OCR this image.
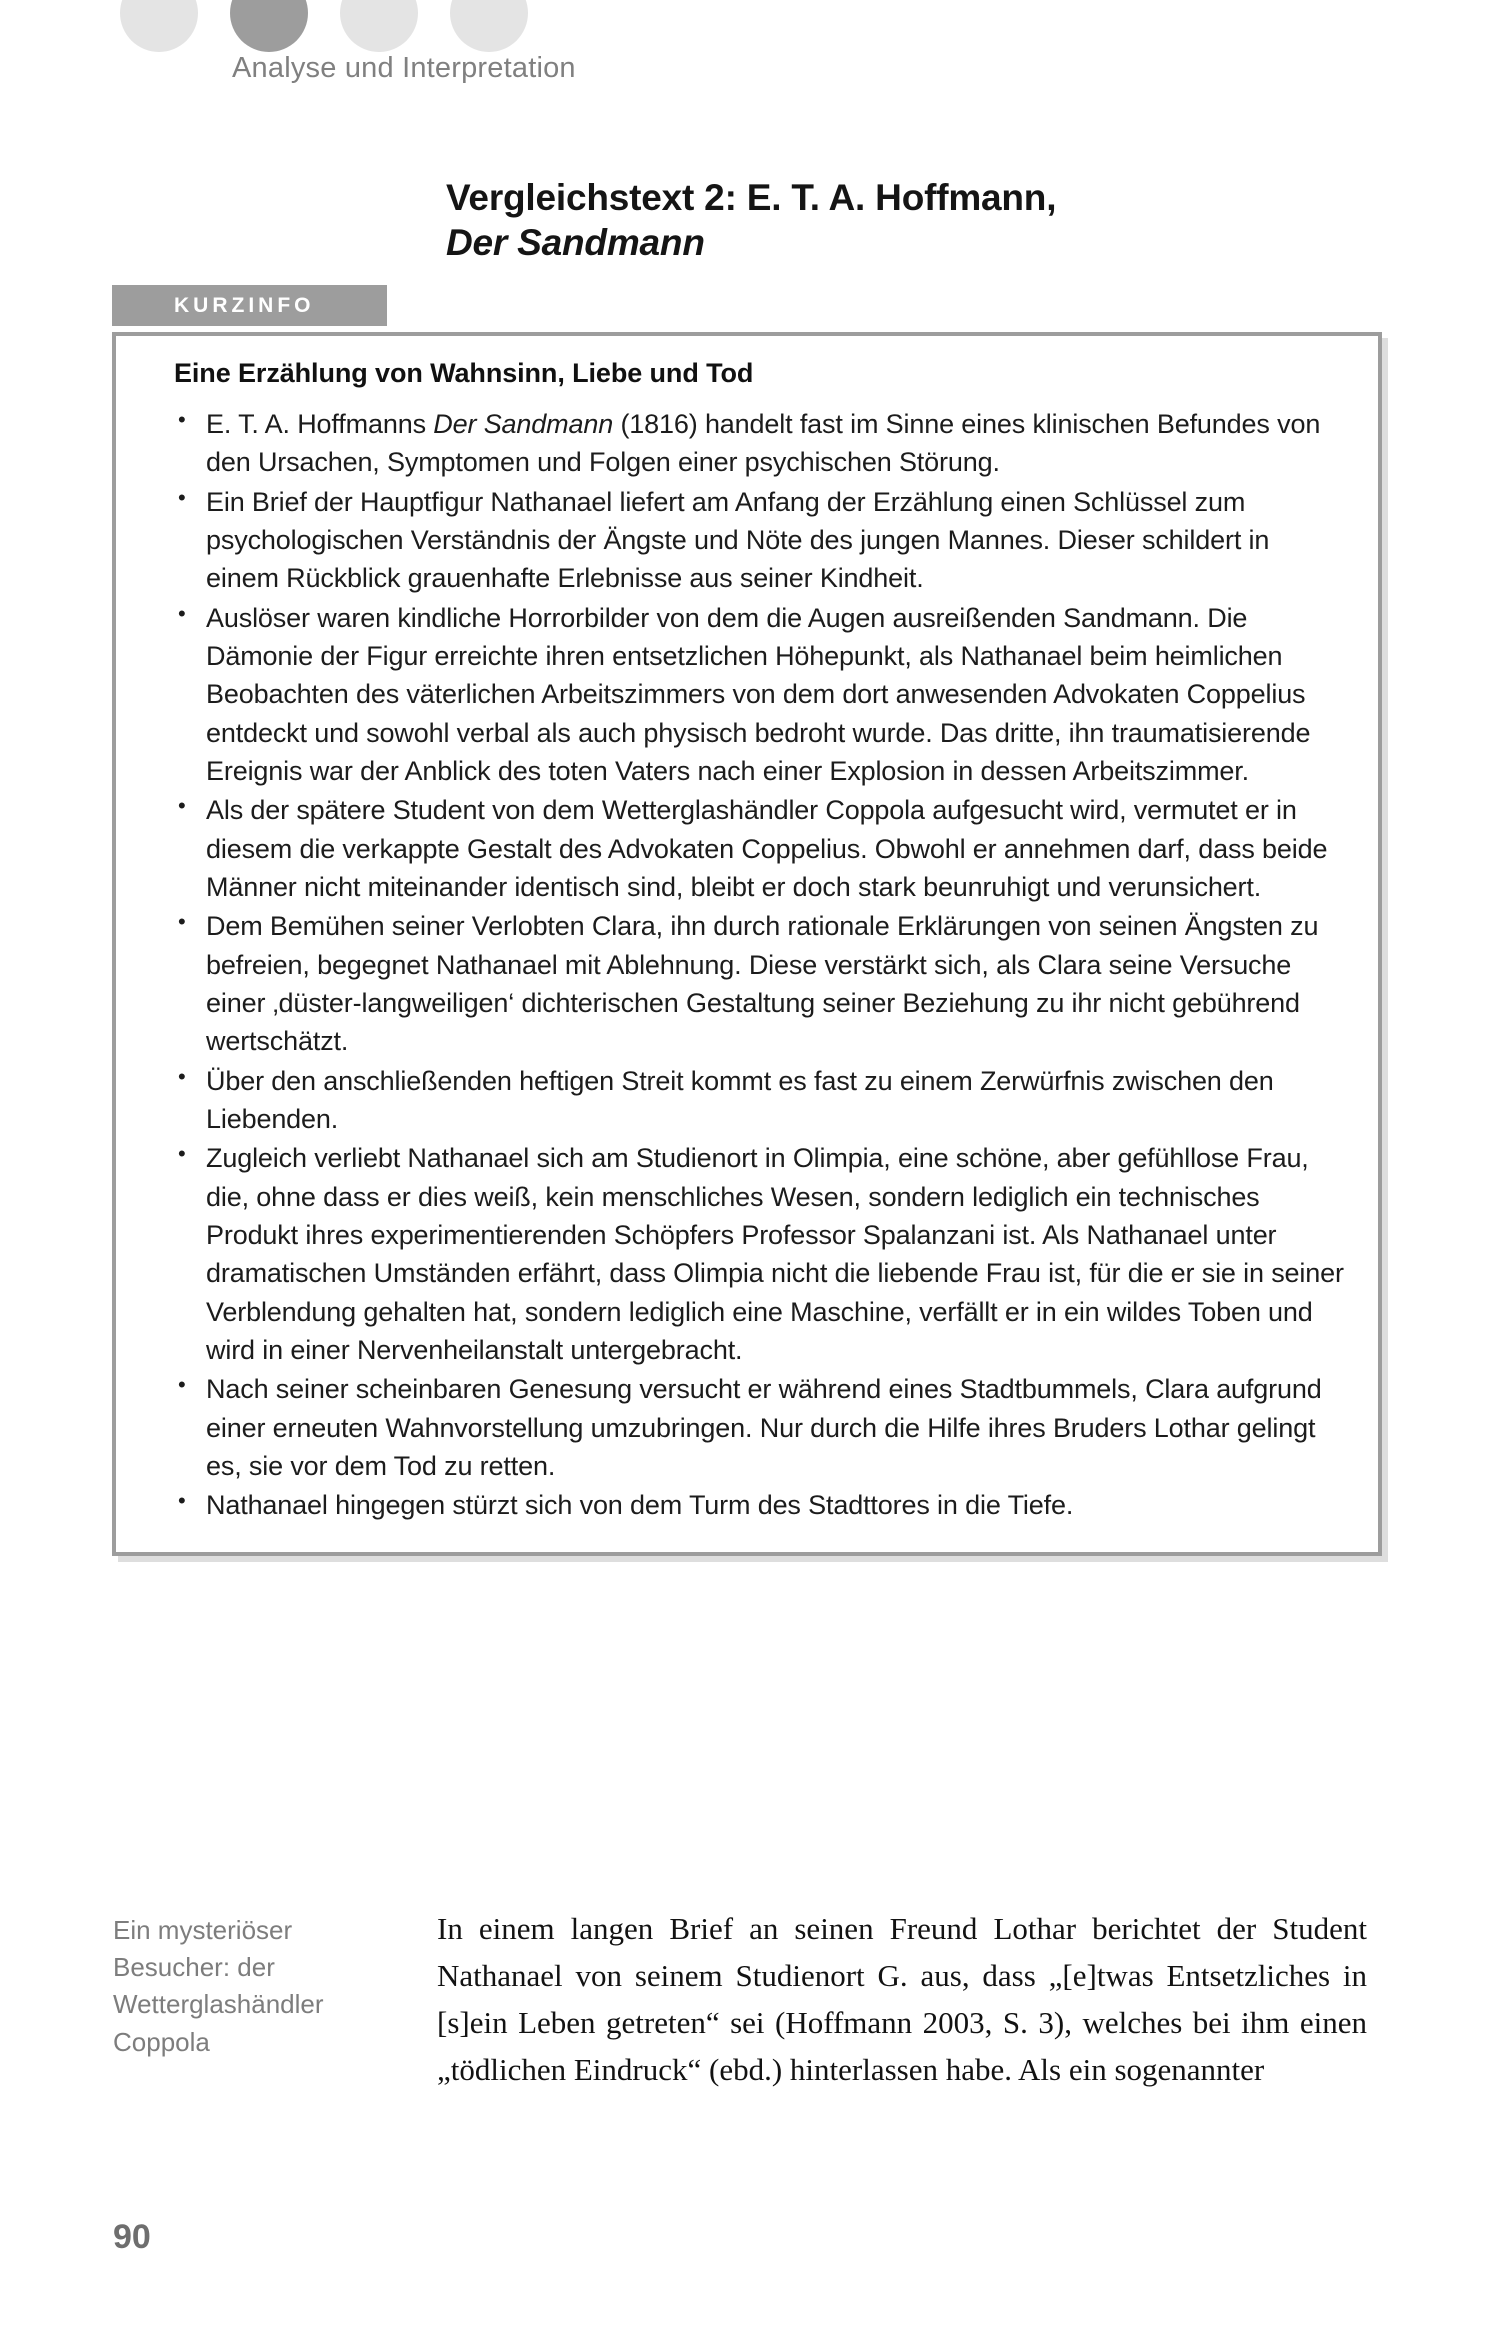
Analyse und Interpretation
Vergleichstext 2: E. T. A. Hoffmann,
Der Sandmann
KURZINFO
Eine Erzählung von Wahnsinn, Liebe und Tod
• E. T. A. Hoffmanns Der Sandmann (1816) handelt fast im Sinne eines klinischen Befundes von den Ursachen, Symptomen und Folgen einer psychischen Störung.
• Ein Brief der Hauptfigur Nathanael liefert am Anfang der Erzählung einen Schlüssel zum psychologischen Verständnis der Ängste und Nöte des jungen Mannes. Dieser schildert in einem Rückblick grauenhafte Erlebnisse aus seiner Kindheit.
• Auslöser waren kindliche Horrorbilder von dem die Augen ausreißenden Sandmann. Die Dämonie der Figur erreichte ihren entsetzlichen Höhepunkt, als Nathanael beim heimlichen Beobachten des väterlichen Arbeitszimmers von dem dort anwesenden Advokaten Coppelius entdeckt und sowohl verbal als auch physisch bedroht wurde. Das dritte, ihn traumatisierende Ereignis war der Anblick des toten Vaters nach einer Explosion in dessen Arbeitszimmer.
• Als der spätere Student von dem Wetterglashändler Coppola aufgesucht wird, vermutet er in diesem die verkappte Gestalt des Advokaten Coppelius. Obwohl er annehmen darf, dass beide Männer nicht miteinander identisch sind, bleibt er doch stark beunruhigt und verunsichert.
• Dem Bemühen seiner Verlobten Clara, ihn durch rationale Erklärungen von seinen Ängsten zu befreien, begegnet Nathanael mit Ablehnung. Diese verstärkt sich, als Clara seine Versuche einer ‚düster-langweiligen‘ dichterischen Gestaltung seiner Beziehung zu ihr nicht gebührend wertschätzt.
• Über den anschließenden heftigen Streit kommt es fast zu einem Zerwürfnis zwischen den Liebenden.
• Zugleich verliebt Nathanael sich am Studienort in Olimpia, eine schöne, aber gefühllose Frau, die, ohne dass er dies weiß, kein menschliches Wesen, sondern lediglich ein technisches Produkt ihres experimentierenden Schöpfers Professor Spalanzani ist. Als Nathanael unter dramatischen Umständen erfährt, dass Olimpia nicht die liebende Frau ist, für die er sie in seiner Verblendung gehalten hat, sondern lediglich eine Maschine, verfällt er in ein wildes Toben und wird in einer Nervenheilanstalt untergebracht.
• Nach seiner scheinbaren Genesung versucht er während eines Stadtbummels, Clara aufgrund einer erneuten Wahnvorstellung umzubringen. Nur durch die Hilfe ihres Bruders Lothar gelingt es, sie vor dem Tod zu retten.
• Nathanael hingegen stürzt sich von dem Turm des Stadttores in die Tiefe.
Ein mysteriöser Besucher: der Wetterglashändler Coppola

In einem langen Brief an seinen Freund Lothar berichtet der Student Nathanael von seinem Studienort G. aus, dass „[e]twas Entsetzliches in [s]ein Leben getreten“ sei (Hoffmann 2003, S. 3), welches bei ihm einen „tödlichen Eindruck“ (ebd.) hinterlassen habe. Als ein sogenannter

90
